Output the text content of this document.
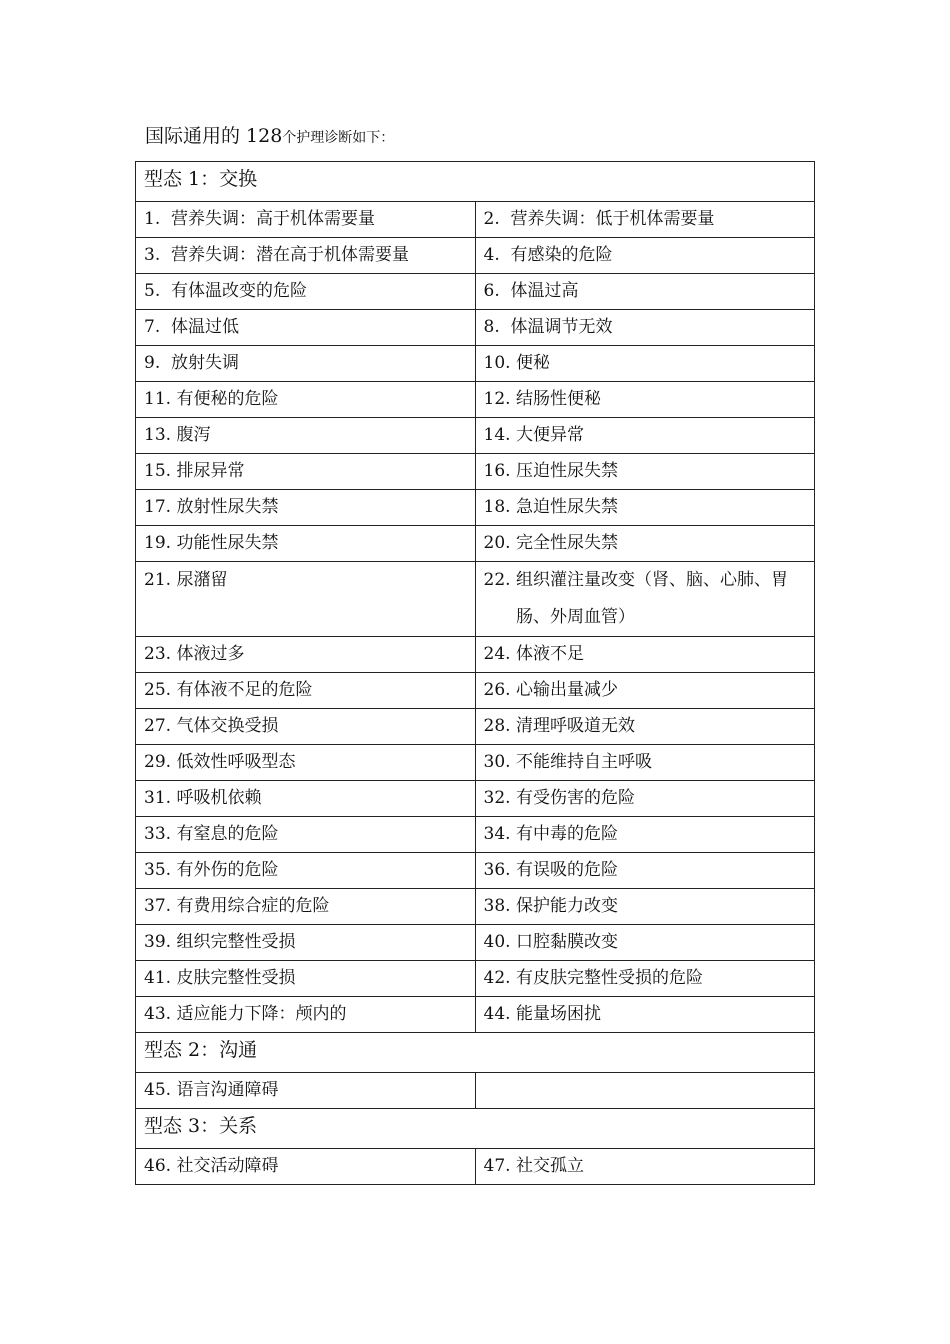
国际通用的 128个护理诊断如下：
型态 1：交换	

1. 营养失调：高于机体需要量	2. 营养失调：低于机体需要量

3. 营养失调：潜在高于机体需要量	4. 有感染的危险

5. 有体温改变的危险	6. 体温过高

7. 体温过低	8. 体温调节无效

9. 放射失调	10. 便秘

11. 有便秘的危险	12. 结肠性便秘

13. 腹泻	14. 大便异常

15. 排尿异常	16. 压迫性尿失禁

17. 放射性尿失禁	18. 急迫性尿失禁

19. 功能性尿失禁	20. 完全性尿失禁

21. 尿潴留	22. 组织灌注量改变（肾、脑、心肺、胃肠、外周血管）

23. 体液过多	24. 体液不足

25. 有体液不足的危险	26. 心输出量减少

27. 气体交换受损	28. 清理呼吸道无效

29. 低效性呼吸型态	30. 不能维持自主呼吸

31. 呼吸机依赖	32. 有受伤害的危险

33. 有窒息的危险	34. 有中毒的危险

35. 有外伤的危险	36. 有误吸的危险

37. 有费用综合症的危险	38. 保护能力改变

39. 组织完整性受损	40. 口腔黏膜改变

41. 皮肤完整性受损	42. 有皮肤完整性受损的危险

43. 适应能力下降：颅内的	44. 能量场困扰

型态 2：沟通	

45. 语言沟通障碍	

型态 3：关系	

46. 社交活动障碍	47. 社交孤立
